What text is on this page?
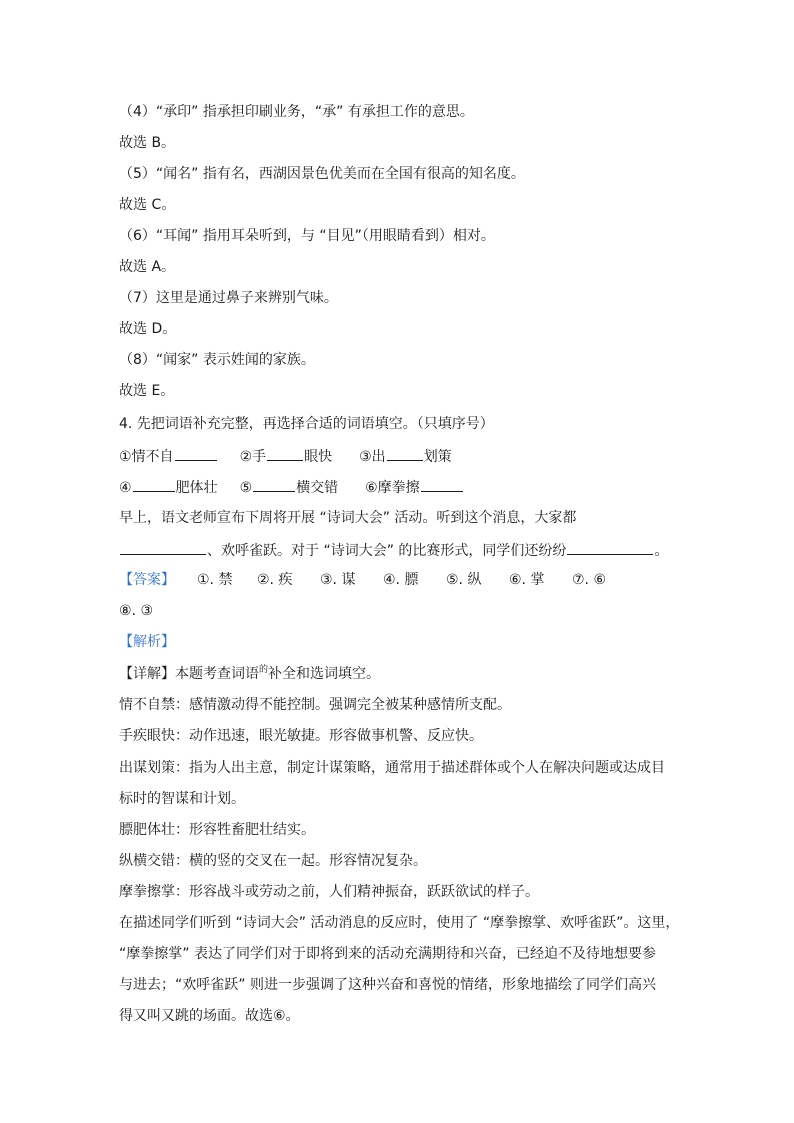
（4）“承印” 指承担印刷业务，“承” 有承担工作的意思。
故选 B。
（5）“闻名” 指有名，西湖因景色优美而在全国有很高的知名度。
故选 C。
（6）“耳闻” 指用耳朵听到，与 “目见”（用眼睛看到）相对。
故选 A。
（7）这里是通过鼻子来辨别气味。
故选 D。
（8）“闻家” 表示姓闻的家族。
故选 E。
4. 先把词语补充完整，再选择合适的词语填空。（只填序号）
①情不自	②手	眼快 ③出	划策
④	肥体壮 ⑤	横交错 ⑥摩拳擦
早上，语文老师宣布下周将开展 “诗词大会” 活动。听到这个消息，大家都
、欢呼雀跃。对于 “诗词大会” 的比赛形式，同学们还纷纷	。
【答案】 ①. 禁 ②. 疾 ③. 谋 ④. 膘 ⑤. 纵 ⑥. 掌 ⑦. ⑥
⑧. ③
【解析】
【详解】本题考查词语$^的$补全和选词填空。
情不自禁：感情激动得不能控制。强调完全被某种感情所支配。
手疾眼快：动作迅速，眼光敏捷。形容做事机警、反应快。
出谋划策：指为人出主意，制定计谋策略，通常用于描述群体或个人在解决问题或达成目
标时的智谋和计划。
膘肥体壮：形容牲畜肥壮结实。
纵横交错：横的竖的交叉在一起。形容情况复杂。
摩拳擦掌：形容战斗或劳动之前，人们精神振奋，跃跃欲试的样子。
在描述同学们听到 “诗词大会” 活动消息的反应时，使用了 “摩拳擦掌、欢呼雀跃”。这里，
“摩拳擦掌” 表达了同学们对于即将到来的活动充满期待和兴奋，已经迫不及待地想要参
与进去；“欢呼雀跃” 则进一步强调了这种兴奋和喜悦的情绪，形象地描绘了同学们高兴
得又叫又跳的场面。故选⑥。
